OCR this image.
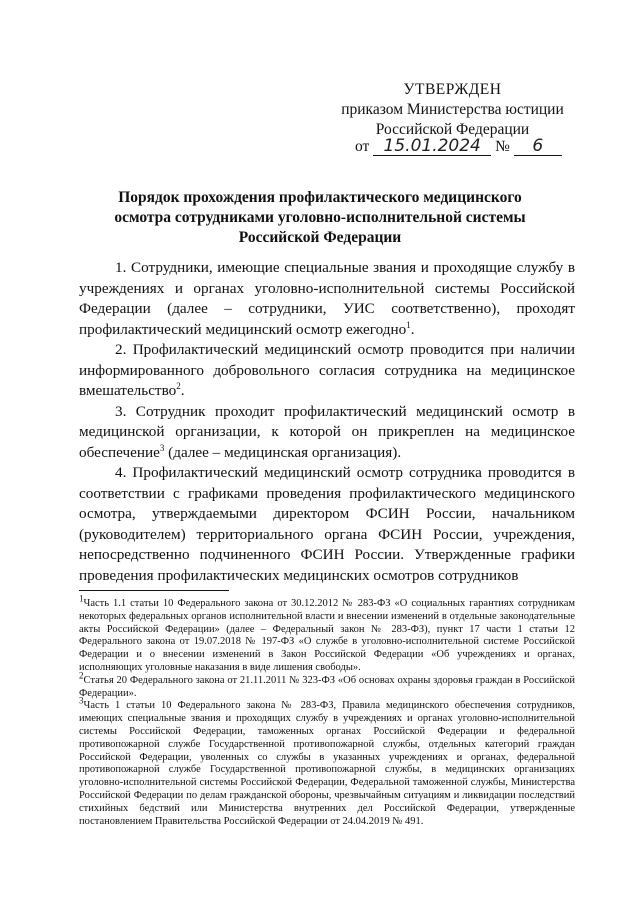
УТВЕРЖДЕН
приказом Министерства юстиции
Российской Федерации
от 15.01.2024 № 6
Порядок прохождения профилактического медицинского
осмотра сотрудниками уголовно-исполнительной системы
Российской Федерации

1. Сотрудники, имеющие специальные звания и проходящие службу в учреждениях и органах уголовно-исполнительной системы Российской Федерации (далее – сотрудники, УИС соответственно), проходят профилактический медицинский осмотр ежегодно$^1$.

2. Профилактический медицинский осмотр проводится при наличии информированного добровольного согласия сотрудника на медицинское вмешательство$^2$.

3. Сотрудник проходит профилактический медицинский осмотр в медицинской организации, к которой он прикреплен на медицинское обеспечение$^3$ (далее – медицинская организация).

4. Профилактический медицинский осмотр сотрудника проводится в соответствии с графиками проведения профилактического медицинского осмотра, утверждаемыми директором ФСИН России, начальником (руководителем) территориального органа ФСИН России, учреждения, непосредственно подчиненного ФСИН России. Утвержденные графики проведения профилактических медицинских осмотров сотрудников

$^1$Часть 1.1 статьи 10 Федерального закона от 30.12.2012 № 283-ФЗ «О социальных гарантиях сотрудникам некоторых федеральных органов исполнительной власти и внесении изменений в отдельные законодательные акты Российской Федерации» (далее – Федеральный закон № 283-ФЗ), пункт 17 части 1 статьи 12 Федерального закона от 19.07.2018 № 197-ФЗ «О службе в уголовно-исполнительной системе Российской Федерации и о внесении изменений в Закон Российской Федерации «Об учреждениях и органах, исполняющих уголовные наказания в виде лишения свободы».

$^2$Статья 20 Федерального закона от 21.11.2011 № 323-ФЗ «Об основах охраны здоровья граждан в Российской Федерации».

$^3$Часть 1 статьи 10 Федерального закона № 283-ФЗ, Правила медицинского обеспечения сотрудников, имеющих специальные звания и проходящих службу в учреждениях и органах уголовно-исполнительной системы Российской Федерации, таможенных органах Российской Федерации и федеральной противопожарной службе Государственной противопожарной службы, отдельных категорий граждан Российской Федерации, уволенных со службы в указанных учреждениях и органах, федеральной противопожарной службе Государственной противопожарной службы, в медицинских организациях уголовно-исполнительной системы Российской Федерации, Федеральной таможенной службы, Министерства Российской Федерации по делам гражданской обороны, чрезвычайным ситуациям и ликвидации последствий стихийных бедствий или Министерства внутренних дел Российской Федерации, утвержденные постановлением Правительства Российской Федерации от 24.04.2019 № 491.
